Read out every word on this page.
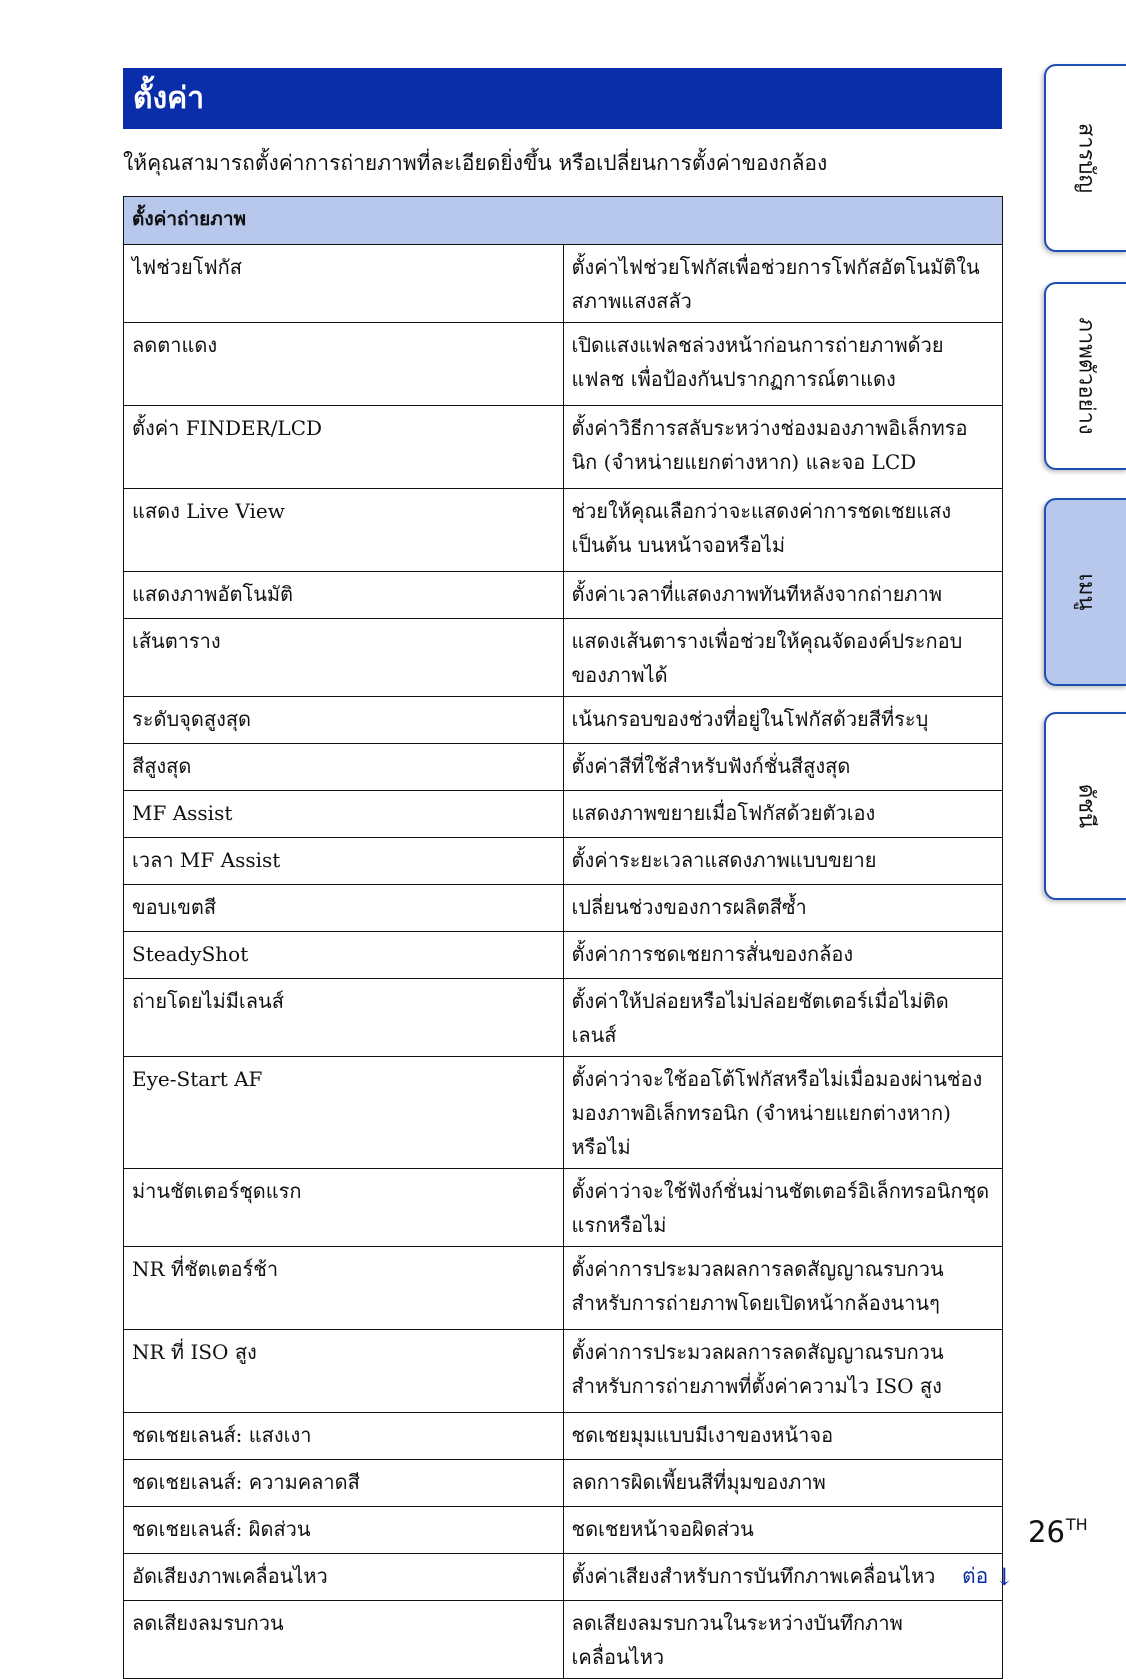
ตั้งค่า

ให้คุณสามารถตั้งค่าการถ่ายภาพที่ละเอียดยิ่งขึ้น หรือเปลี่ยนการตั้งค่าของกล้อง

ตั้งค่าถ่ายภาพ	
ไฟช่วยโฟกัส	ตั้งค่าไฟช่วยโฟกัสเพื่อช่วยการโฟกัสอัตโนมัติในสภาพแสงสลัว
ลดตาแดง	เปิดแสงแฟลชล่วงหน้าก่อนการถ่ายภาพด้วยแฟลช เพื่อป้องกันปรากฏการณ์ตาแดง
ตั้งค่า FINDER/LCD	ตั้งค่าวิธีการสลับระหว่างช่องมองภาพอิเล็กทรอนิก (จำหน่ายแยกต่างหาก) และจอ LCD
แสดง Live View	ช่วยให้คุณเลือกว่าจะแสดงค่าการชดเชยแสง เป็นต้น บนหน้าจอหรือไม่
แสดงภาพอัตโนมัติ	ตั้งค่าเวลาที่แสดงภาพทันทีหลังจากถ่ายภาพ
เส้นตาราง	แสดงเส้นตารางเพื่อช่วยให้คุณจัดองค์ประกอบของภาพได้
ระดับจุดสูงสุด	เน้นกรอบของช่วงที่อยู่ในโฟกัสด้วยสีที่ระบุ
สีสูงสุด	ตั้งค่าสีที่ใช้สำหรับฟังก์ชั่นสีสูงสุด
MF Assist	แสดงภาพขยายเมื่อโฟกัสด้วยตัวเอง
เวลา MF Assist	ตั้งค่าระยะเวลาแสดงภาพแบบขยาย
ขอบเขตสี	เปลี่ยนช่วงของการผลิตสีซ้ำ
SteadyShot	ตั้งค่าการชดเชยการสั่นของกล้อง
ถ่ายโดยไม่มีเลนส์	ตั้งค่าให้ปล่อยหรือไม่ปล่อยชัตเตอร์เมื่อไม่ติดเลนส์
Eye-Start AF	ตั้งค่าว่าจะใช้ออโต้โฟกัสหรือไม่เมื่อมองผ่านช่องมองภาพอิเล็กทรอนิก (จำหน่ายแยกต่างหาก) หรือไม่
ม่านชัตเตอร์ชุดแรก	ตั้งค่าว่าจะใช้ฟังก์ชั่นม่านชัตเตอร์อิเล็กทรอนิกชุดแรกหรือไม่
NR ที่ชัตเตอร์ช้า	ตั้งค่าการประมวลผลการลดสัญญาณรบกวนสำหรับการถ่ายภาพโดยเปิดหน้ากล้องนานๆ
NR ที่ ISO สูง	ตั้งค่าการประมวลผลการลดสัญญาณรบกวนสำหรับการถ่ายภาพที่ตั้งค่าความไว ISO สูง
ชดเชยเลนส์: แสงเงา	ชดเชยมุมแบบมีเงาของหน้าจอ
ชดเชยเลนส์: ความคลาดสี	ลดการผิดเพี้ยนสีที่มุมของภาพ
ชดเชยเลนส์: ผิดส่วน	ชดเชยหน้าจอผิดส่วน
อัดเสียงภาพเคลื่อนไหว	ตั้งค่าเสียงสำหรับการบันทึกภาพเคลื่อนไหว
ลดเสียงลมรบกวน	ลดเสียงลมรบกวนในระหว่างบันทึกภาพเคลื่อนไหว
สารบัญ
ภาพตัวอย่าง
เมนู
ดัชนี
26TH
ต่อ ↓
